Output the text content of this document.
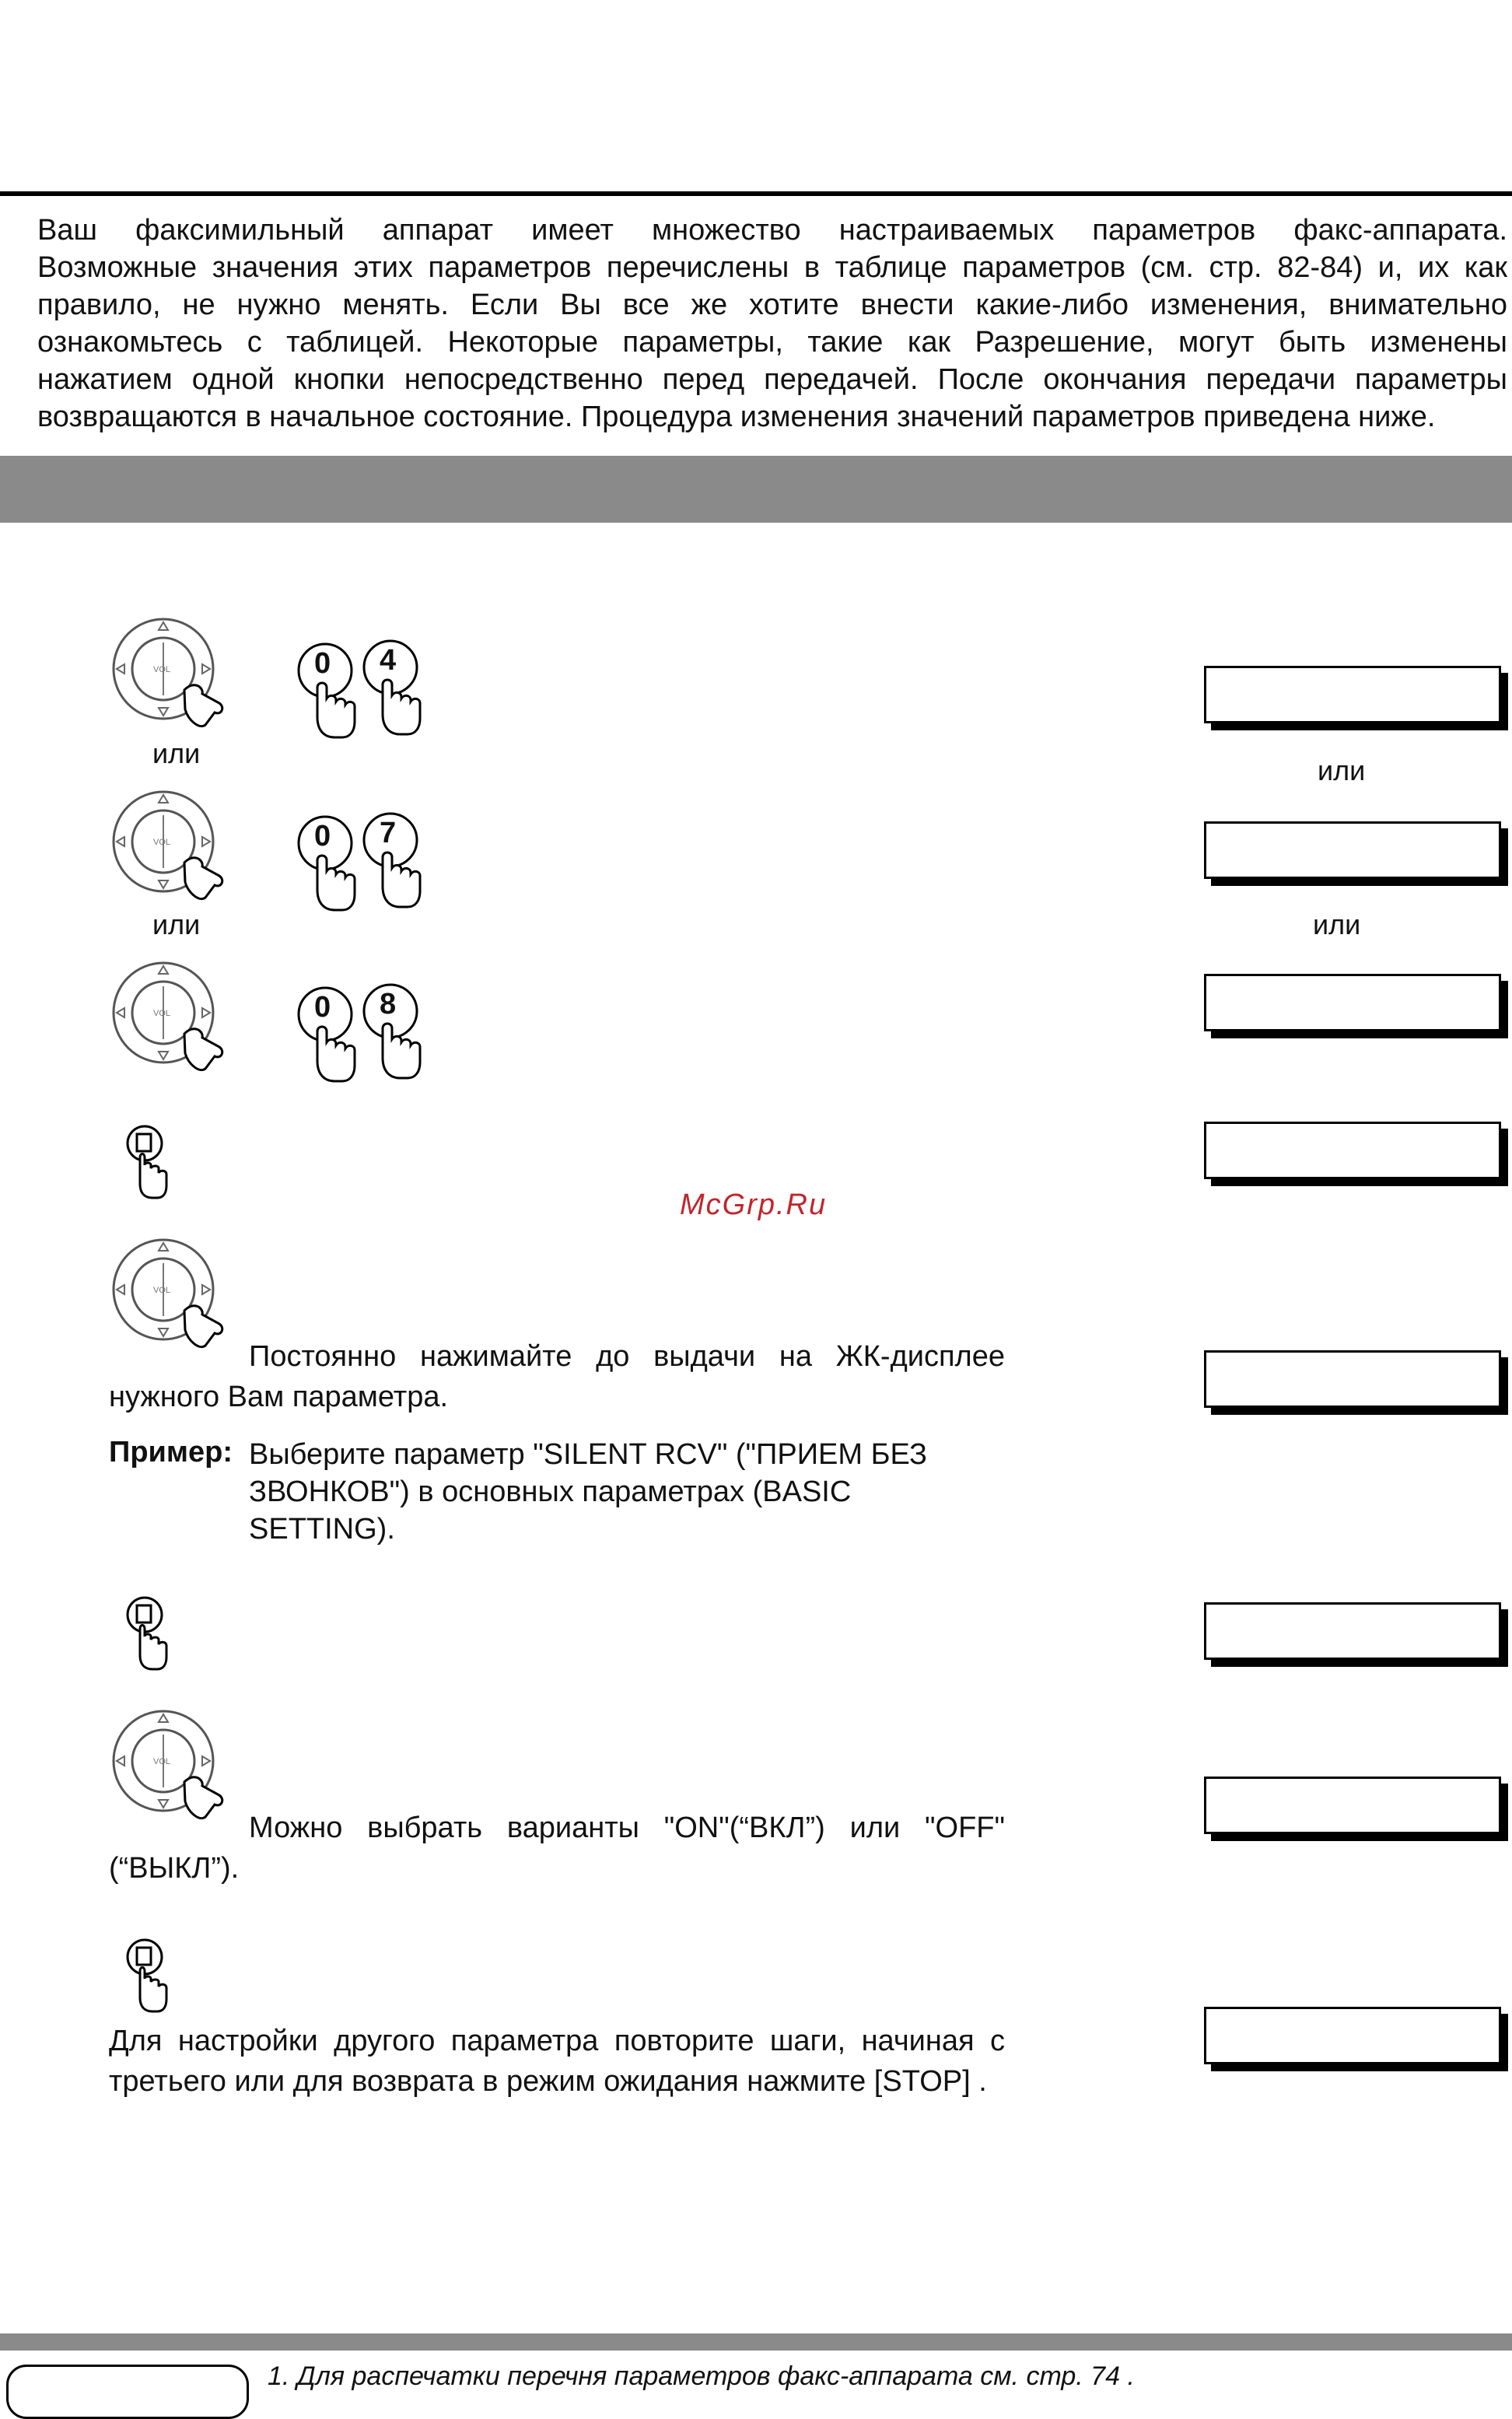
Ваш факсимильный аппарат имеет множество настраиваемых параметров факс-аппарата.

Возможные значения этих параметров перечислены в таблице параметров (см. стр. 82-84) и, их как

правило, не нужно менять. Если Вы все же хотите внести какие-либо изменения, внимательно

ознакомьтесь с таблицей. Некоторые параметры, такие как Разрешение, могут быть изменены

нажатием одной кнопки непосредственно перед передачей. После окончания передачи параметры

возвращаются в начальное состояние. Процедура изменения значений параметров приведена ниже.

0 4
или
или
0 7
или	или
0 8
McGrp.Ru
Постоянно нажимайте до выдачи на ЖК-дисплее нужного Вам параметра.
Пример: Выберите параметр "SILENT RCV" ("ПРИЕМ БЕЗ ЗВОНКОВ") в основных параметрах (BASIC SETTING).
Можно выбрать варианты "ON"(“ВКЛ”) или "OFF" (“ВЫКЛ”).
Для настройки другого параметра повторите шаги, начиная с третьего или для возврата в режим ожидания нажмите [STOP] .
1. Для распечатки перечня параметров факс-аппарата см. стр. 74 .
